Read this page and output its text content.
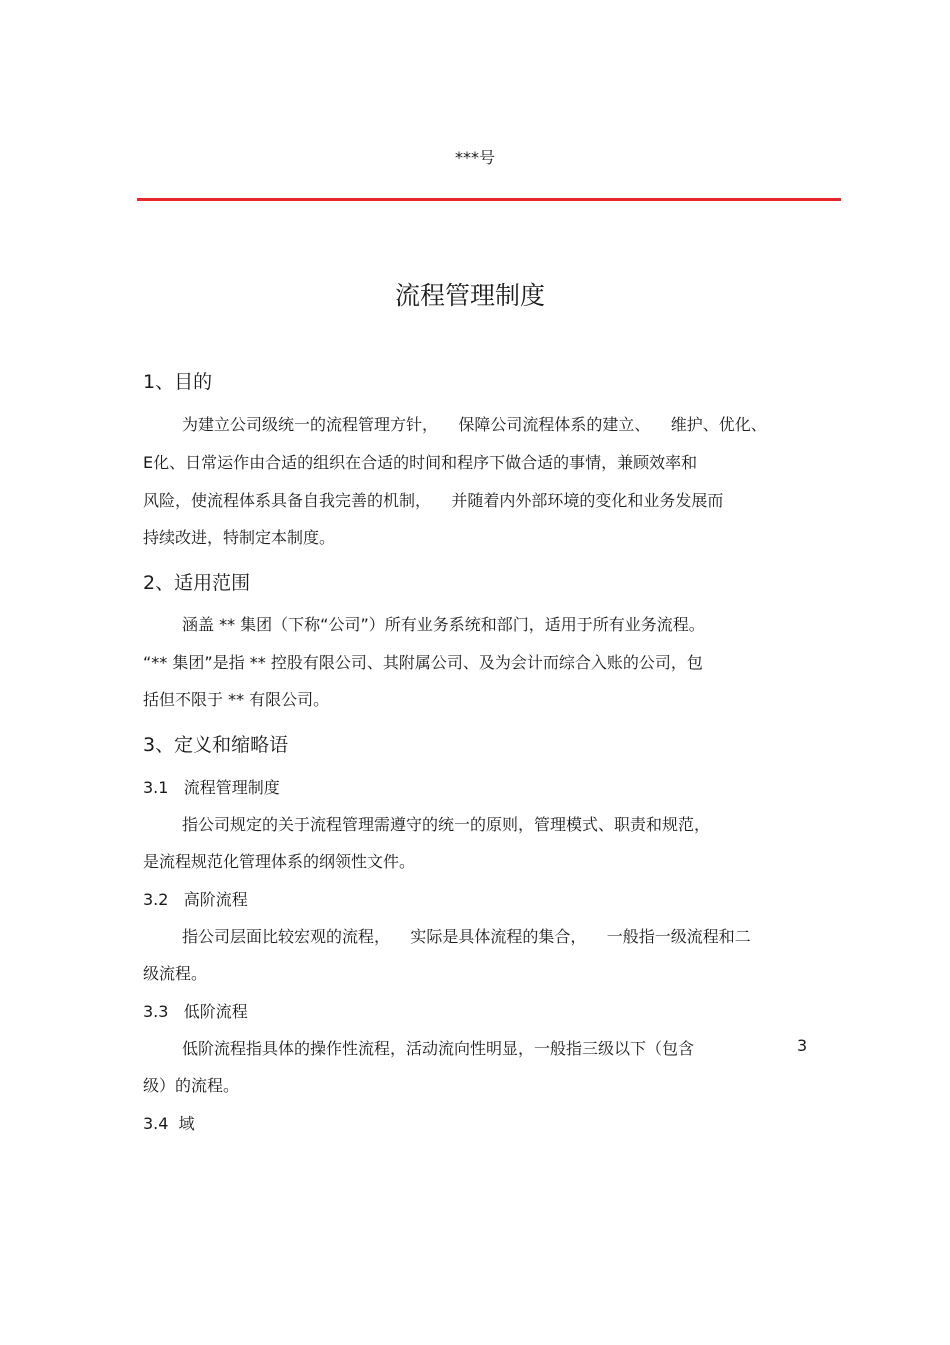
***号
流程管理制度
1、目的
为建立公司级统一的流程管理方针，    保障公司流程体系的建立、    维护、优化、
E化、日常运作由合适的组织在合适的时间和程序下做合适的事情，兼顾效率和
风险，使流程体系具备自我完善的机制，    并随着内外部环境的变化和业务发展而
持续改进，特制定本制度。
2、适用范围
涵盖 ** 集团（下称“公司”）所有业务系统和部门，适用于所有业务流程。
“** 集团”是指 ** 控股有限公司、其附属公司、及为会计而综合入账的公司，包
括但不限于 ** 有限公司。
3、定义和缩略语
3.1   流程管理制度
指公司规定的关于流程管理需遵守的统一的原则，管理模式、职责和规范，
是流程规范化管理体系的纲领性文件。
3.2   高阶流程
指公司层面比较宏观的流程，    实际是具体流程的集合，    一般指一级流程和二
级流程。
3.3   低阶流程
低阶流程指具体的操作性流程，活动流向性明显，一般指三级以下（包含	3
级）的流程。
3.4  域
